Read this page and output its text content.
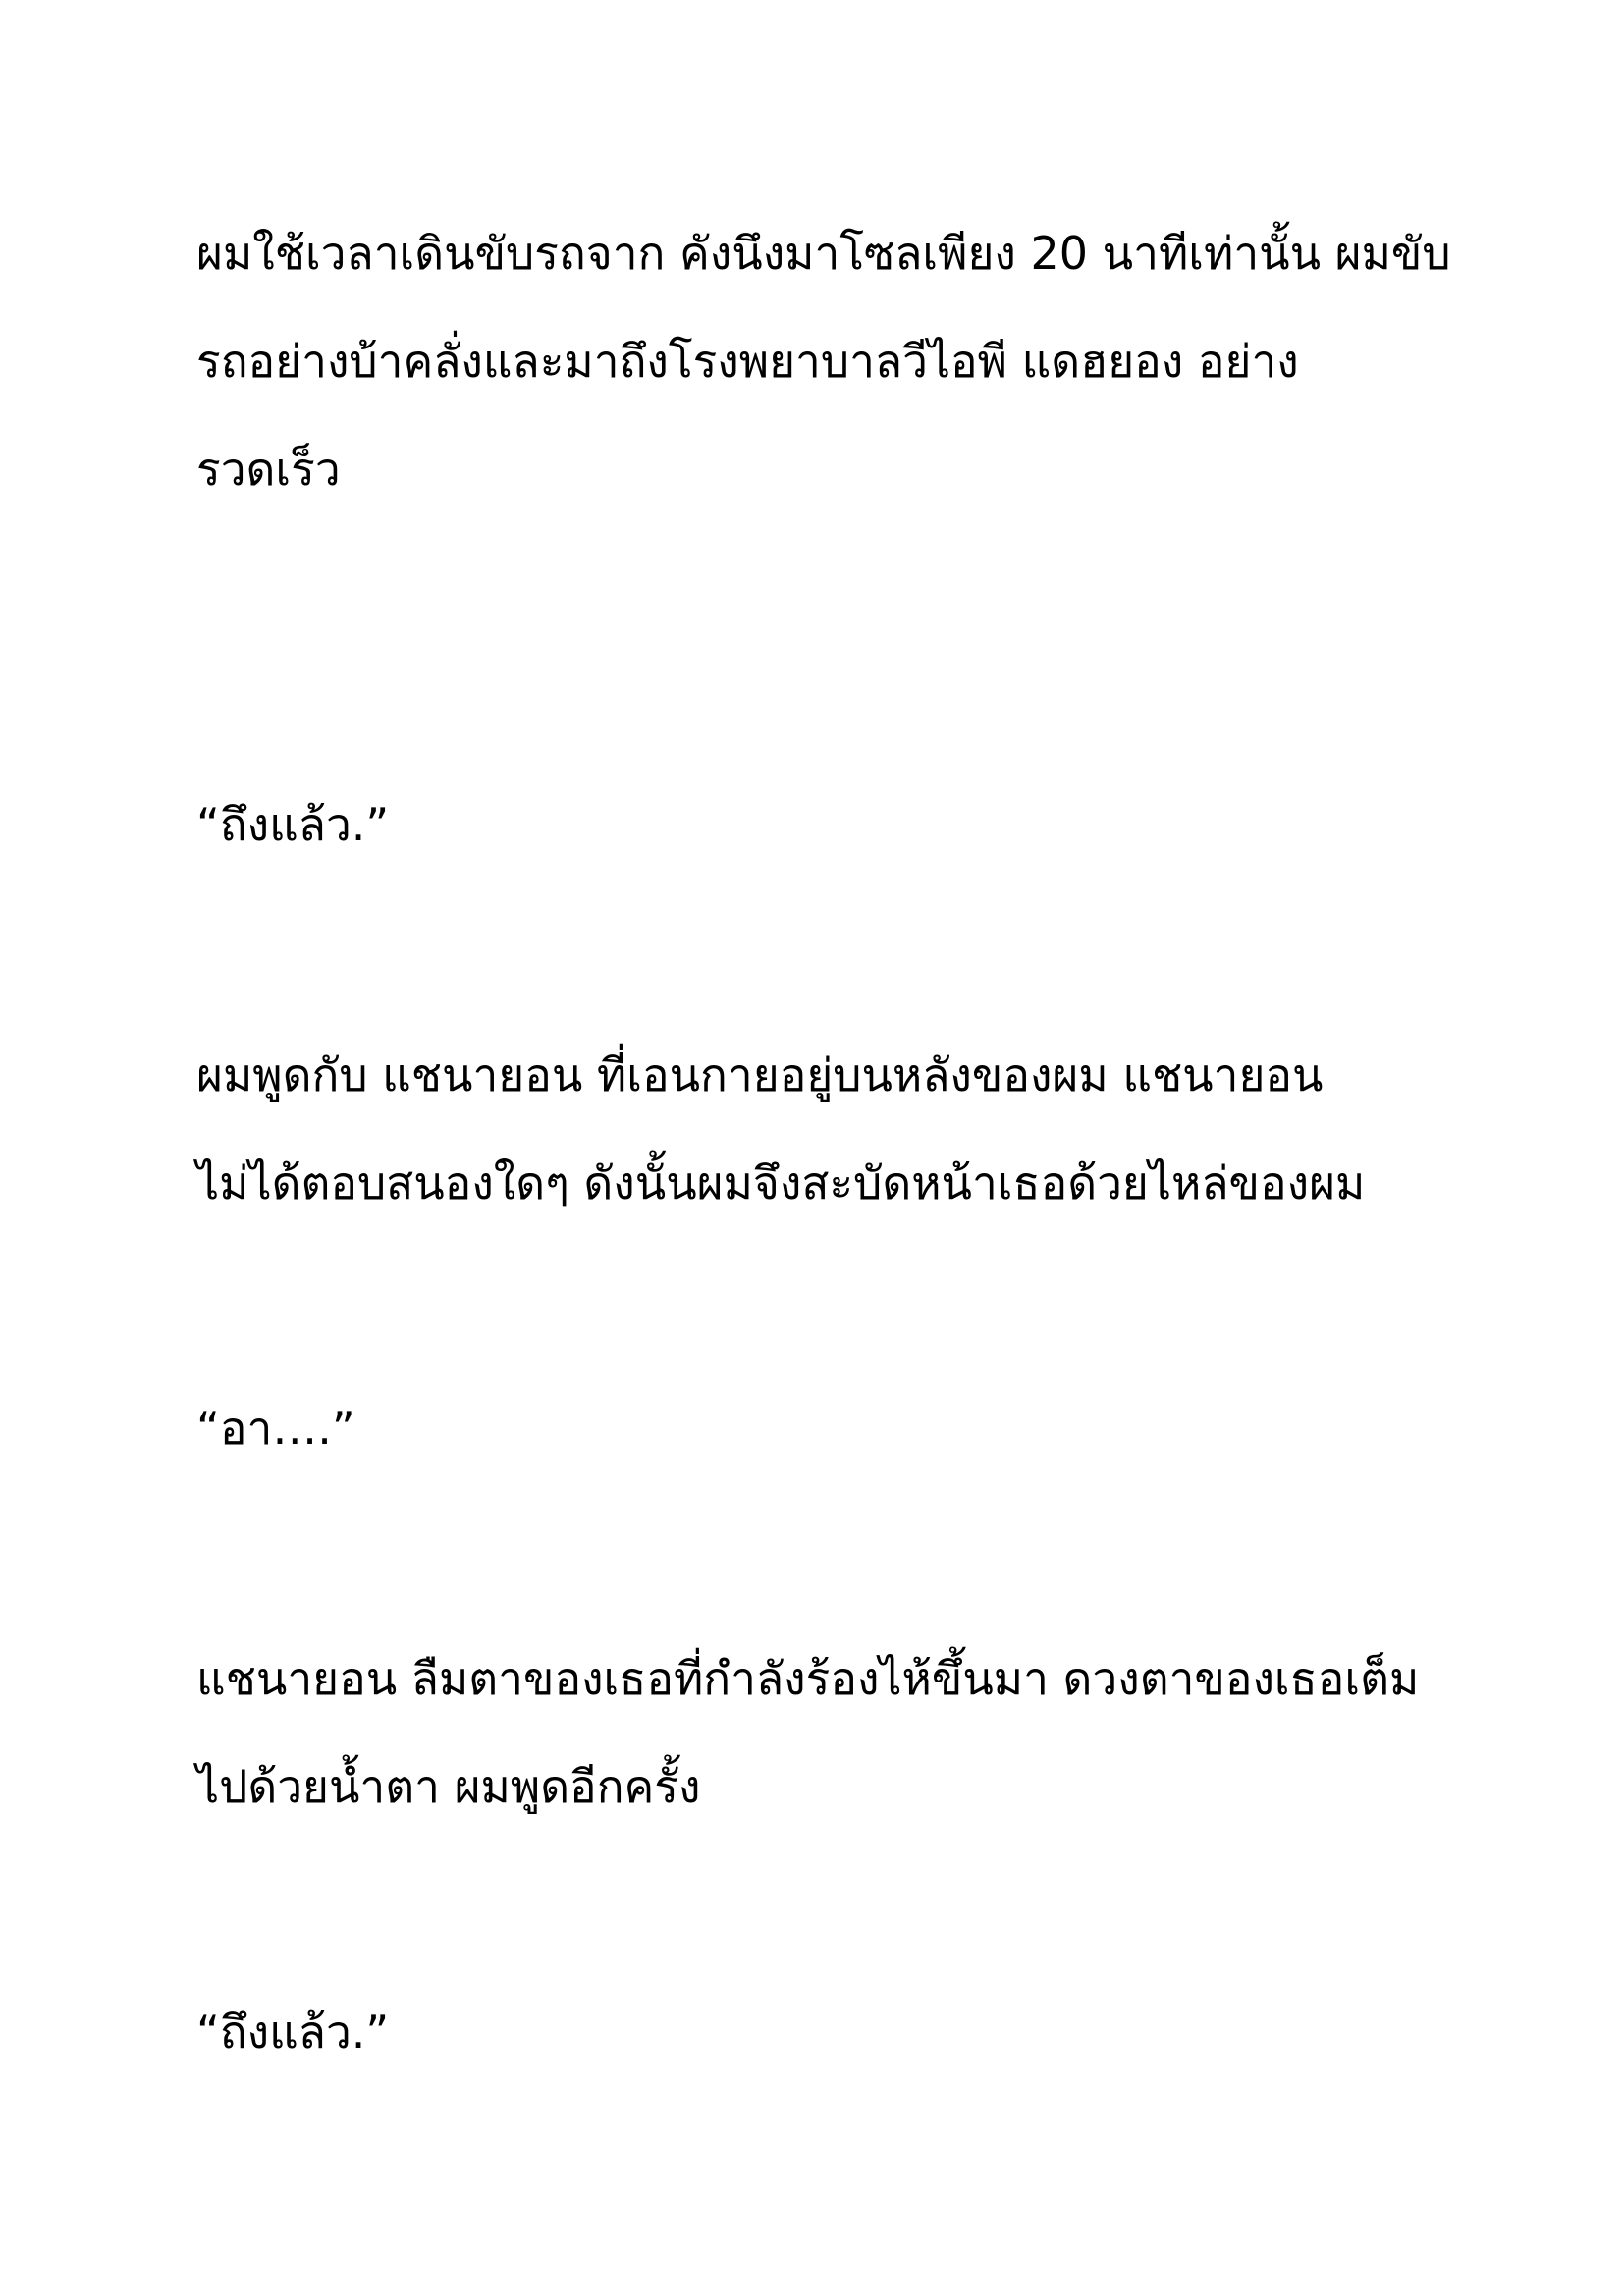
ผมใช้เวลาเดินขับรถจาก คังนึงมาโซลเพียง 20 นาทีเท่านั้น ผมขับ
รถอย่างบ้าคลั่งและมาถึงโรงพยาบาลวีไอพี แดฮยอง อย่าง
รวดเร็ว
“ถึงแล้ว.”
ผมพูดกับ แชนายอน ที่เอนกายอยู่บนหลังของผม แชนายอน
ไม่ได้ตอบสนองใดๆ ดังนั้นผมจึงสะบัดหน้าเธอด้วยไหล่ของผม
“อา….”
แชนายอน ลืมตาของเธอที่กำลังร้องไห้ขึ้นมา ดวงตาของเธอเต็ม
ไปด้วยน้ำตา ผมพูดอีกครั้ง
“ถึงแล้ว.”
